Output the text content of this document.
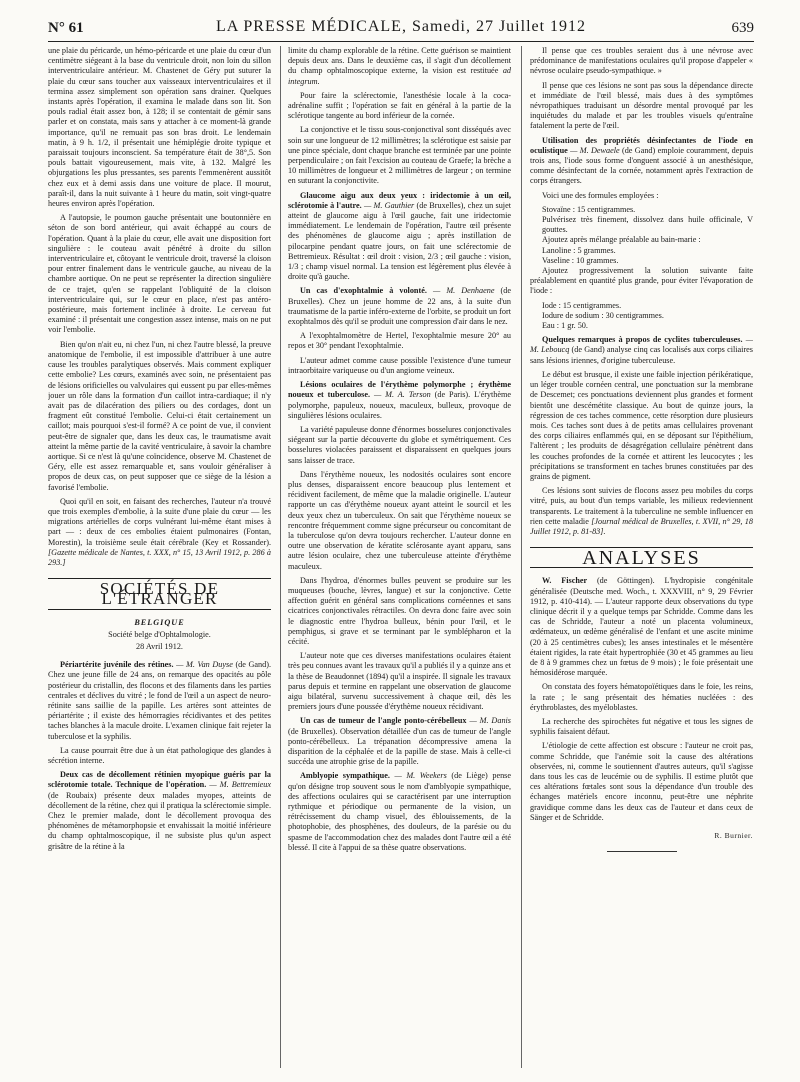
N° 61	LA PRESSE MÉDICALE, Samedi, 27 Juillet 1912	639

une plaie du péricarde, un hémo-péricarde et une plaie du cœur d'un centimètre siégeant à la base du ventricule droit, non loin du sillon interventriculaire antérieur. M. Chastenet de Géry put suturer la plaie du cœur sans toucher aux vaisseaux interventriculaires et il termina assez simplement son opération sans drainer. Quelques instants après l'opération, il examina le malade dans son lit. Son pouls radial était assez bon, à 128; il se contentait de gémir sans parler et on constata, mais sans y attacher à ce moment-là grande importance, qu'il ne remuait pas son bras droit. Le lendemain matin, à 9 h. 1/2, il présentait une hémiplégie droite typique et paraissait toujours inconscient. Sa température était de 38°,5. Son pouls battait vigoureusement, mais vite, à 132. Malgré les objurgations les plus pressantes, ses parents l'emmenèrent aussitôt chez eux et à demi assis dans une voiture de place. Il mourut, paraît-il, dans la nuit suivante à 1 heure du matin, soit vingt-quatre heures environ après l'opération.

A l'autopsie, le poumon gauche présentait une boutonnière en séton de son bord antérieur, qui avait échappé au cours de l'opération. Quant à la plaie du cœur, elle avait une disposition fort singulière : le couteau avait pénétré à droite du sillon interventriculaire et, côtoyant le ventricule droit, traversé la cloison pour entrer finalement dans le ventricule gauche, au niveau de la chambre aortique. On ne peut se représenter la direction singulière de ce trajet, qu'en se rappelant l'obliquité de la cloison interventriculaire qui, sur le cœur en place, n'est pas antéro-postérieure, mais fortement inclinée à droite. Le cerveau fut examiné : il présentait une congestion assez intense, mais on ne put voir l'embolie.

Bien qu'on n'ait eu, ni chez l'un, ni chez l'autre blessé, la preuve anatomique de l'embolie, il est impossible d'attribuer à une autre cause les troubles paralytiques observés. Mais comment expliquer cette embolie? Les cœurs, examinés avec soin, ne présentaient pas de lésions orificielles ou valvulaires qui eussent pu par elles-mêmes jouer un rôle dans la formation d'un caillot intra-cardiaque; il n'y avait pas de dilacération des piliers ou des cordages, dont un fragment eût constitué l'embolie. Celui-ci était certainement un caillot; mais pourquoi s'est-il formé? A ce point de vue, il convient peut-être de signaler que, dans les deux cas, le traumatisme avait atteint la même partie de la cavité ventriculaire, à savoir la chambre aortique. Si ce n'est là qu'une coïncidence, observe M. Chastenet de Géry, elle est assez remarquable et, sans vouloir généraliser à propos de deux cas, on peut supposer que ce siège de la lésion a favorisé l'embolie.

Quoi qu'il en soit, en faisant des recherches, l'auteur n'a trouvé que trois exemples d'embolie, à la suite d'une plaie du cœur — les migrations artérielles de corps vulnérant lui-même étant mises à part — : deux de ces embolies étaient pulmonaires (Fontan, Morestin), la troisième seule était cérébrale (Key et Rossander). [Gazette médicale de Nantes, t. XXX, n° 15, 13 Avril 1912, p. 286 à 293.]

SOCIÉTÉS DE L'ÉTRANGER
BELGIQUE
Société belge d'Ophtalmologie.
28 Avril 1912.

Périartérite juvénile des rétines. — M. Van Duyse (de Gand). Chez une jeune fille de 24 ans, on remarque des opacités au pôle postérieur du cristallin, des flocons et des filaments dans les parties centrales et déclives du vitré ; le fond de l'œil a un aspect de neuro-rétinite sans saillie de la papille. Les artères sont atteintes de périartérite ; il existe des hémorragies récidivantes et des petites taches blanches à la macule droite. L'examen clinique fait rejeter la tuberculose et la syphilis.

La cause pourrait être due à un état pathologique des glandes à sécrétion interne.

Deux cas de décollement rétinien myopique guéris par la sclérotomie totale. Technique de l'opération. — M. Bettremieux (de Roubaix) présente deux malades myopes, atteints de décollement de la rétine, chez qui il pratiqua la sclérectomie simple. Chez le premier malade, dont le décollement provoqua des phénomènes de métamorphopsie et envahissait la moitié inférieure du champ ophtalmoscopique, il ne subsiste plus qu'un aspect grisâtre de la rétine à la

limite du champ explorable de la rétine. Cette guérison se maintient depuis deux ans. Dans le deuxième cas, il s'agit d'un décollement du champ ophtalmoscopique externe, la vision est restituée ad integrum.

Pour faire la sclérectomie, l'anesthésie locale à la coca-adrénaline suffit ; l'opération se fait en général à la partie de la sclérotique tangente au bord inférieur de la cornée.

La conjonctive et le tissu sous-conjonctival sont disséqués avec soin sur une longueur de 12 millimètres; la sclérotique est saisie par une pince spéciale, dont chaque branche est terminée par une pointe perpendiculaire ; on fait l'excision au couteau de Graefe; la brèche a 10 millimètres de longueur et 2 millimètres de largeur ; on termine en suturant la conjonctivite.

Glaucome aigu aux deux yeux : iridectomie à un œil, sclérotomie à l'autre. — M. Gauthier (de Bruxelles), chez un sujet atteint de glaucome aigu à l'œil gauche, fait une iridectomie immédiatement. Le lendemain de l'opération, l'autre œil présente des phénomènes de glaucome aigu ; après instillation de pilocarpine pendant quatre jours, on fait une sclérectomie de Bettremieux. Résultat : œil droit : vision, 2/3 ; œil gauche : vision, 1/3 ; champ visuel normal. La tension est légèrement plus élevée à droite qu'à gauche.

Un cas d'exophtalmie à volonté. — M. Denhaene (de Bruxelles). Chez un jeune homme de 22 ans, à la suite d'un traumatisme de la partie inféro-externe de l'orbite, se produit un fort exophtalmos dès qu'il se produit une compression d'air dans le nez.

A l'exophtalmomètre de Hertel, l'exophtalmie mesure 20° au repos et 30° pendant l'exophtalmie.

L'auteur admet comme cause possible l'existence d'une tumeur intraorbitaire variqueuse ou d'un angiome veineux.

Lésions oculaires de l'érythème polymorphe ; érythème noueux et tuberculose. — M. A. Terson (de Paris). L'érythème polymorphe, papuleux, noueux, maculeux, bulleux, provoque de singulières lésions oculaires.

La variété papuleuse donne d'énormes bosselures conjonctivales siégeant sur la partie découverte du globe et symétriquement. Ces bosselures violacées paraissent et disparaissent en quelques jours sans laisser de trace.

Dans l'érythème noueux, les nodosités oculaires sont encore plus denses, disparaissent encore beaucoup plus lentement et récidivent facilement, de même que la maladie originelle. L'auteur rapporte un cas d'érythème noueux ayant atteint le sourcil et les deux yeux chez un tuberculeux. On sait que l'érythème noueux se rencontre fréquemment comme signe précurseur ou concomitant de la tuberculose qu'on devra toujours rechercher. L'auteur donne en outre une observation de kératite sclérosante ayant apparu, sans autre lésion oculaire, chez une tuberculeuse atteinte d'érythème maculeux.

Dans l'hydroa, d'énormes bulles peuvent se produire sur les muqueuses (bouche, lèvres, langue) et sur la conjonctive. Cette affection guérit en général sans complications cornéennes et sans cicatrices conjonctivales rétractiles. On devra donc faire avec soin le diagnostic entre l'hydroa bulleux, bénin pour l'œil, et le pemphigus, si grave et se terminant par le symblépharon et la cécité.

L'auteur note que ces diverses manifestations oculaires étaient très peu connues avant les travaux qu'il a publiés il y a quinze ans et la thèse de Beaudonnet (1894) qu'il a inspirée. Il signale les travaux parus depuis et termine en rappelant une observation de glaucome aigu bilatéral, survenu successivement à chaque œil, dès les premiers jours d'une poussée d'érythème noueux récidivant.

Un cas de tumeur de l'angle ponto-cérébelleux — M. Danis (de Bruxelles). Observation détaillée d'un cas de tumeur de l'angle ponto-cérébelleux. La trépanation décompressive amena la disparition de la céphalée et de la papille de stase. Mais à celle-ci succéda une atrophie grise de la papille.

Amblyopie sympathique. — M. Weekers (de Liège) pense qu'on désigne trop souvent sous le nom d'amblyopie sympathique, des affections oculaires qui se caractérisent par une interruption rythmique et périodique ou permanente de la vision, un rétrécissement du champ visuel, des éblouissements, de la photophobie, des phosphènes, des douleurs, de la parésie ou du spasme de l'accommodation chez des malades dont l'autre œil a été blessé. Il cite à l'appui de sa thèse quatre observations.

Il pense que ces troubles seraient dus à une névrose avec prédominance de manifestations oculaires qu'il propose d'appeler « névrose oculaire pseudo-sympathique. »

Il pense que ces lésions ne sont pas sous la dépendance directe et immédiate de l'œil blessé, mais dues à des symptômes névropathiques traduisant un désordre mental provoqué par les inquiétudes du malade et par les troubles visuels qu'entraîne fatalement la perte de l'œil.

Utilisation des propriétés désinfectantes de l'iode en oculistique — M. Dewaele (de Gand) emploie couramment, depuis trois ans, l'iode sous forme d'onguent associé à un anesthésique, comme désinfectant de la cornée, notamment après l'extraction de corps étrangers.

Voici une des formules employées :

Stovaïne : 15 centigrammes.

Pulvérisez très finement, dissolvez dans huile officinale, V gouttes.

Ajoutez après mélange préalable au bain-marie :

Lanoline : 5 grammes.

Vaseline : 10 grammes.

Ajoutez progressivement la solution suivante faite préalablement en quantité plus grande, pour éviter l'évaporation de l'iode :

Iode : 15 centigrammes.

Iodure de sodium : 30 centigrammes.

Eau : 1 gr. 50.

Quelques remarques à propos de cyclites tuberculeuses. — M. Leboucq (de Gand) analyse cinq cas localisés aux corps ciliaires sans lésions iriennes, d'origine tuberculeuse.

Le début est brusque, il existe une faible injection périkératique, un léger trouble cornéen central, une ponctuation sur la membrane de Descemet; ces ponctuations deviennent plus grandes et forment bientôt une descémétite classique. Au bout de quinze jours, la régression de ces taches commence, cette résorption dure plusieurs mois. Ces taches sont dues à de petits amas cellulaires provenant des corps ciliaires enflammés qui, en se déposant sur l'épithélium, l'altèrent ; les produits de désagrégation cellulaire pénètrent dans les couches profondes de la cornée et attirent les leucocytes ; les précipitations se transforment en taches brunes constituées par des grains de pigment.

Ces lésions sont suivies de flocons assez peu mobiles du corps vitré, puis, au bout d'un temps variable, les milieux redeviennent transparents. Le traitement à la tuberculine ne semble influencer en rien cette maladie [Journal médical de Bruxelles, t. XVII, n° 29, 18 Juillet 1912, p. 81-83].

ANALYSES

W. Fischer (de Göttingen). L'hydropisie congénitale généralisée (Deutsche med. Woch., t. XXXVIII, n° 9, 29 Février 1912, p. 410-414). — L'auteur rapporte deux observations du type clinique décrit il y a quelque temps par Schridde. Comme dans les cas de Schridde, l'auteur a noté un placenta volumineux, œdémateux, un œdème généralisé de l'enfant et une ascite minime (20 à 25 centimètres cubes); les anses intestinales et le mésentère étaient rigides, la rate était hypertrophiée (30 et 45 grammes au lieu de 8 à 9 grammes chez un fœtus de 9 mois) ; le foie présentait une hémosidérose marquée.

On constata des foyers hématopoïétiques dans le foie, les reins, la rate ; le sang présentait des hématies nucléées : des érythroblastes, des myéloblastes.

La recherche des spirochètes fut négative et tous les signes de syphilis faisaient défaut.

L'étiologie de cette affection est obscure : l'auteur ne croit pas, comme Schridde, que l'anémie soit la cause des altérations observées, ni, comme le soutiennent d'autres auteurs, qu'il s'agisse dans tous les cas de leucémie ou de syphilis. Il estime plutôt que ces altérations fœtales sont sous la dépendance d'un trouble des échanges matériels encore inconnu, peut-être une néphrite gravidique comme dans les deux cas de l'auteur et dans ceux de Sänger et de Schridde.

R. Burnier.
